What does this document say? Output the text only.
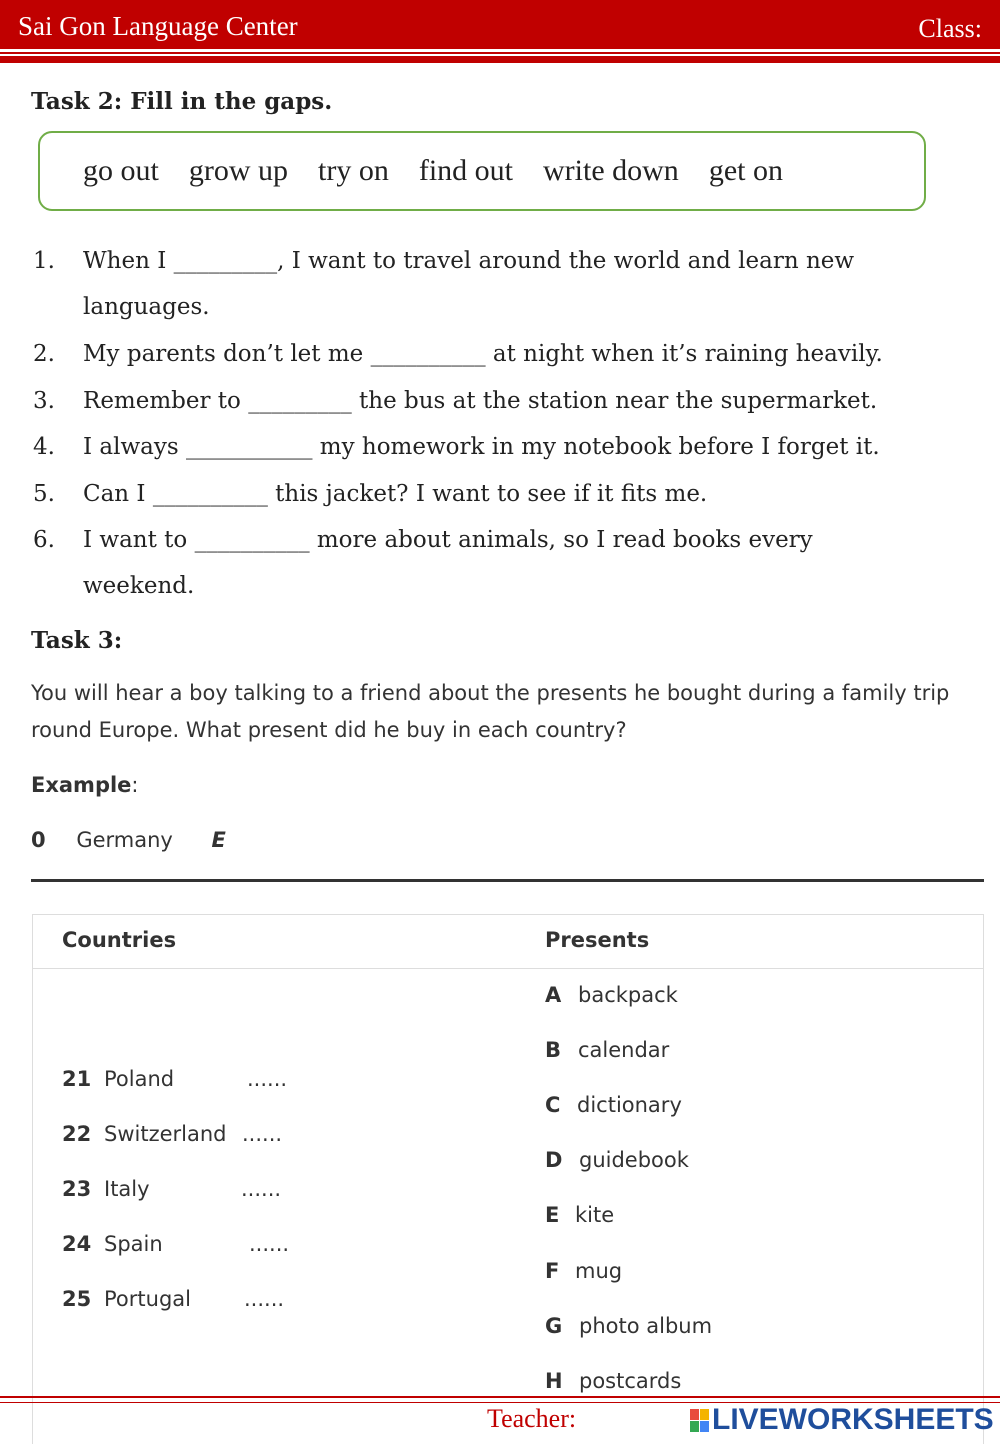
Sai Gon Language Center	Class:
Task 2: Fill in the gaps.
go out grow up try on find out write down get on
1. When I _________, I want to travel around the world and learn new
languages.
2. My parents don’t let me __________ at night when it’s raining heavily.
3. Remember to _________ the bus at the station near the supermarket.
4. I always ___________ my homework in my notebook before I forget it.
5. Can I __________ this jacket? I want to see if it fits me.
6. I want to __________ more about animals, so I read books every
weekend.
Task 3:
You will hear a boy talking to a friend about the presents he bought during a family trip
round Europe. What present did he buy in each country?
Example:
0 Germany E
Countries	Presents
21 Poland	......
22 Switzerland ......
23 Italy	......
24 Spain	......
25 Portugal	......
A backpack
B calendar
C dictionary
D guidebook
E kite
F mug
G photo album
H postcards
Teacher:	LIVEWORKSHEETS
